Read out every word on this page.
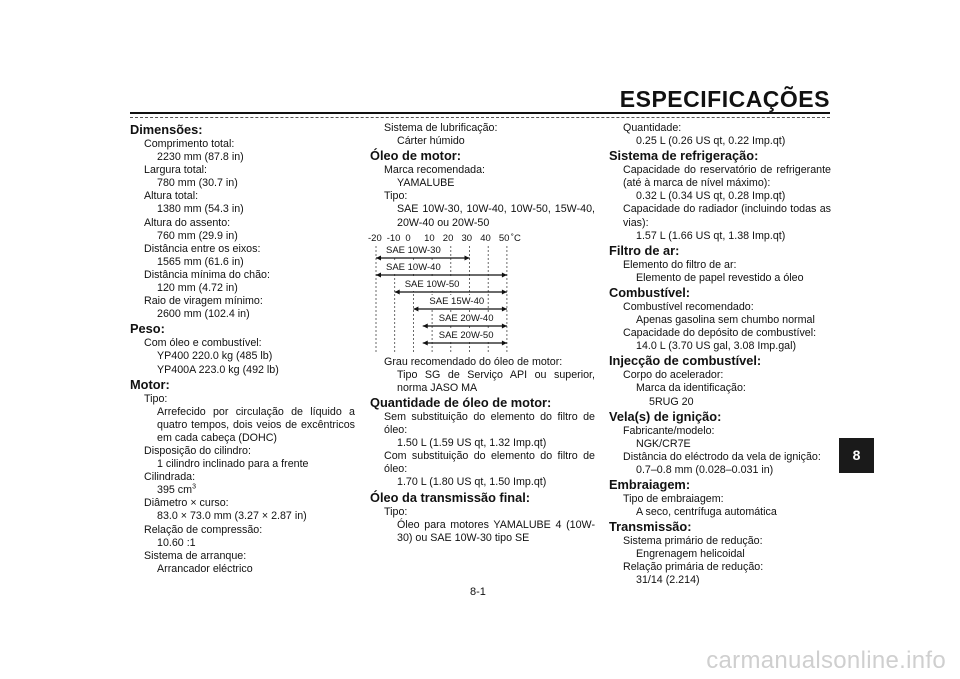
ESPECIFICAÇÕES

Dimensões:

Comprimento total:
2230 mm (87.8 in)
Largura total:
780 mm (30.7 in)
Altura total:
1380 mm (54.3 in)
Altura do assento:
760 mm (29.9 in)
Distância entre os eixos:
1565 mm (61.6 in)
Distância mínima do chão:
120 mm (4.72 in)
Raio de viragem mínimo:
2600 mm (102.4 in)

Peso:

Com óleo e combustível:
YP400 220.0 kg (485 lb)
YP400A 223.0 kg (492 lb)

Motor:

Tipo:
Arrefecido por circulação de líquido a quatro tempos, dois veios de excêntricos em cada cabeça (DOHC)
Disposição do cilindro:
1 cilindro inclinado para a frente
Cilindrada:
395 $cm^3$
Diâmetro × curso:
83.0 × 73.0 mm (3.27 × 2.87 in)
Relação de compressão:
10.60 :1
Sistema de arranque:
Arrancador eléctrico
Sistema de lubrificação:
Cárter húmido

Óleo de motor:

Marca recomendada:
YAMALUBE
Tipo:
SAE 10W-30, 10W-40, 10W-50, 15W-40, 20W-40 ou 20W-50
-20 -10 0 10 20 30 40 50 ˚C
SAE 10W-30
SAE 10W-40
SAE 10W-50
SAE 15W-40
SAE 20W-40
SAE 20W-50
Grau recomendado do óleo de motor:
Tipo SG de Serviço API ou superior, norma JASO MA

Quantidade de óleo de motor:

Sem substituição do elemento do filtro de óleo:
1.50 L (1.59 US qt, 1.32 Imp.qt)
Com substituição do elemento do filtro de óleo:
1.70 L (1.80 US qt, 1.50 Imp.qt)

Óleo da transmissão final:

Tipo:
Óleo para motores YAMALUBE 4 (10W-30) ou SAE 10W-30 tipo SE
Quantidade:
0.25 L (0.26 US qt, 0.22 Imp.qt)

Sistema de refrigeração:

Capacidade do reservatório de refrigerante (até à marca de nível máximo):
0.32 L (0.34 US qt, 0.28 Imp.qt)
Capacidade do radiador (incluindo todas as vias):
1.57 L (1.66 US qt, 1.38 Imp.qt)

Filtro de ar:

Elemento do filtro de ar:
Elemento de papel revestido a óleo

Combustível:

Combustível recomendado:
Apenas gasolina sem chumbo normal
Capacidade do depósito de combustível:
14.0 L (3.70 US gal, 3.08 Imp.gal)

Injecção de combustível:

Corpo do acelerador:
Marca da identificação:
5RUG 20

Vela(s) de ignição:

Fabricante/modelo:
NGK/CR7E
Distância do eléctrodo da vela de ignição:
0.7–0.8 mm (0.028–0.031 in)

Embraiagem:

Tipo de embraiagem:
A seco, centrífuga automática

Transmissão:

Sistema primário de redução:
Engrenagem helicoidal
Relação primária de redução:
31/14 (2.214)
8-1
8
carmanualsonline.info
